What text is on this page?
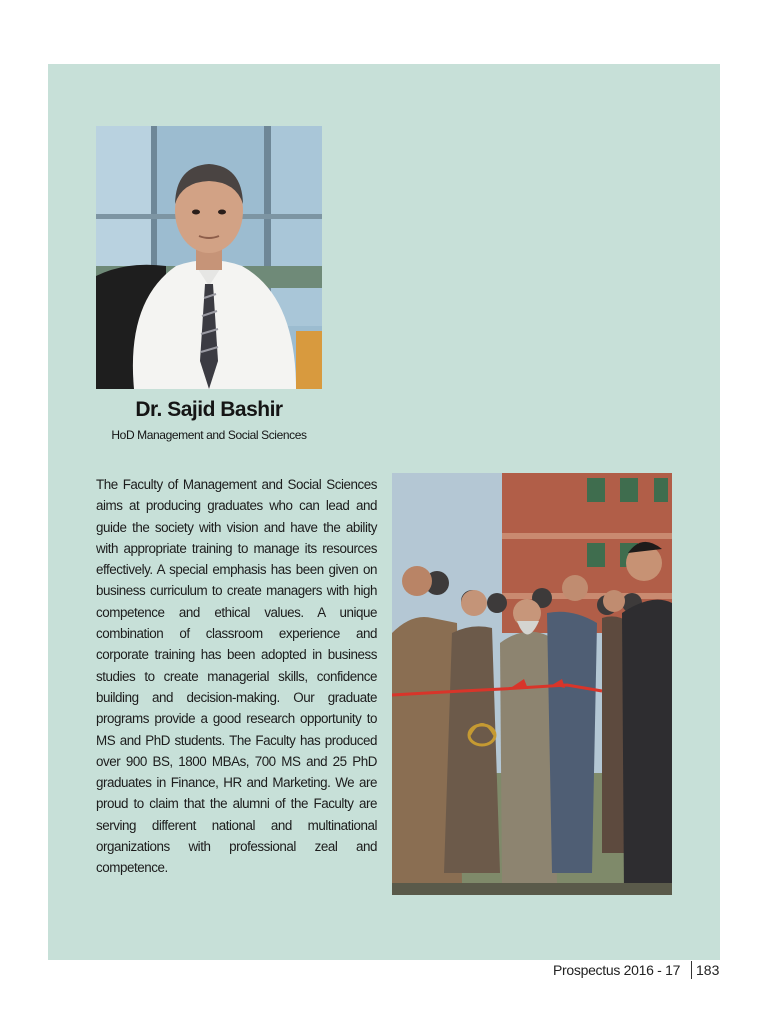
Dr. Sajid Bashir
HoD Management and Social Sciences

The Faculty of Management and Social Sciences aims at producing graduates who can lead and guide the society with vision and have the ability with appropriate training to manage its resources effectively. A special emphasis has been given on business curriculum to create managers with high competence and ethical values. A unique combination of classroom experience and corporate training has been adopted in business studies to create managerial skills, confidence building and decision-making. Our graduate programs provide a good research opportunity to MS and PhD students. The Faculty has produced over 900 BS, 1800 MBAs, 700 MS and 25 PhD graduates in Finance, HR and Marketing. We are proud to claim that the alumni of the Faculty are serving different national and multinational organizations with professional zeal and competence.

Prospectus 2016 - 17 183
